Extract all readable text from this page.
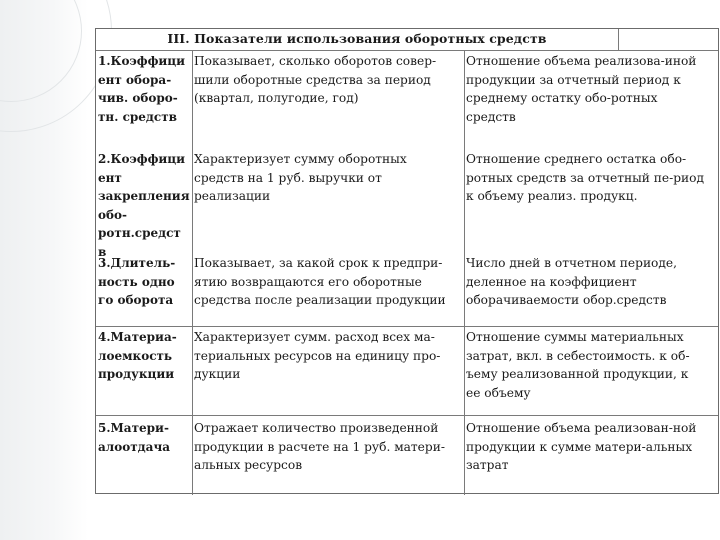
III. Показатели использования оборотных средств
1.Коэффици
ент обора-
чив. оборо-
тн. средств
Показывает, сколько оборотов совер-
шили оборотные средства за период
(квартал, полугодие, год)
Отношение объема реализова-иной
продукции за отчетный период к
среднему остатку обо-ротных
средств
2.Коэффици
ент
закрепления
обо-
ротн.средст
в
Характеризует сумму оборотных
средств на 1 руб. выручки от
реализации
Отношение среднего остатка обо-
ротных средств за отчетный пе-риод
к объему реализ. продукц.
3.Длитель-
ность одно
го оборота
Показывает, за какой срок к предпри-
ятию возвращаются его оборотные
средства после реализации продукции
Число дней в отчетном периоде,
деленное на коэффициент
оборачиваемости обор.средств
4.Материа-
лоемкость
продукции
Характеризует сумм. расход всех ма-
териальных ресурсов на единицу про-
дукции
Отношение суммы материальных
затрат, вкл. в себестоимость. к об-
ъему реализованной продукции, к
ее объему
5.Матери-
алоотдача
Отражает количество произведенной
продукции в расчете на 1 руб. матери-
альных ресурсов
Отношение объема реализован-ной
продукции к сумме матери-альных
затрат
